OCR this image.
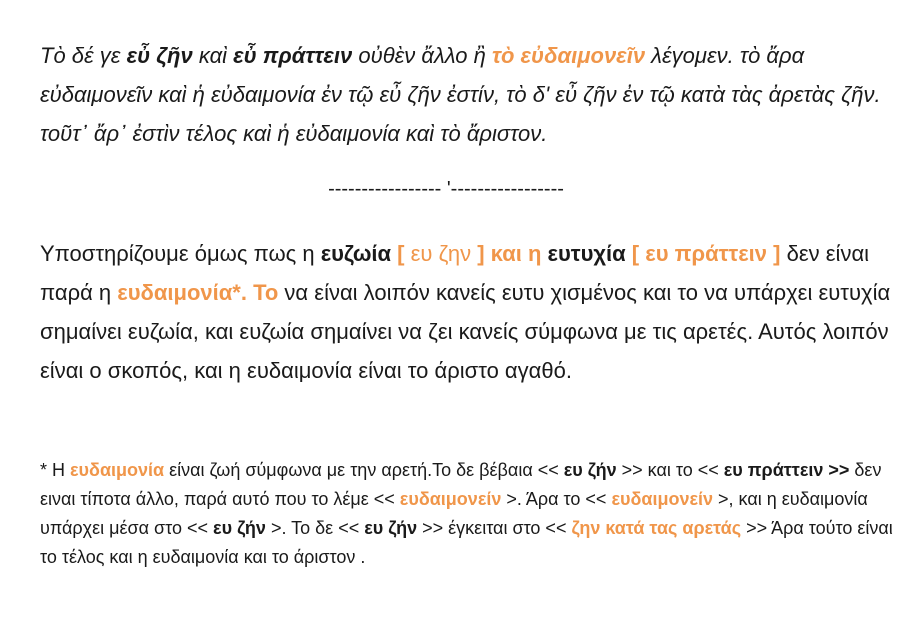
Τὸ δέ γε εὖ ζῆν καὶ εὖ πράττειν οὐθὲν ἄλλο ἢ τὸ εὐδαιμονεῖν λέγομεν. τὸ ἄρα εὐδαιμονεῖν καὶ ἡ εὐδαιμονία ἐν τῷ εὖ ζῆν ἐστίν, τὸ δ' εὖ ζῆν ἐν τῷ κατὰ τὰς ἀρετὰς ζῆν. τοῦτ᾽ ἄρ᾽ ἐστὶν τέλος καὶ ἡ εὐδαιμονία καὶ τὸ ἄριστον.

----------------- '-----------------

Υποστηρίζουμε όμως πως η ευζωία [ ευ ζην ] και η ευτυχία [ ευ πράττειν ] δεν είναι παρά η ευδαιμονία*. Το να είναι λοιπόν κανείς ευτυ χισμένος και το να υπάρχει ευτυχία σημαίνει ευζωία, και ευζωία σημαίνει να ζει κανείς σύμφωνα με τις αρετές. Αυτός λοιπόν είναι ο σκοπός, και η ευδαιμονία είναι το άριστο αγαθό.

* Η ευδαιμονία είναι ζωή σύμφωνα με την αρετή.Το δε βέβαια << ευ ζήν >> και το << ευ πράττειν >> δεν ειναι τίποτα άλλο, παρά αυτό που το λέμε << ευδαιμονείν >. Άρα το << ευδαιμονείν >, και η ευδαιμονία υπάρχει μέσα στο << ευ ζήν >. Το δε << ευ ζήν >> έγκειται στο << ζην κατά τας αρετάς >> Άρα τούτο είναι το τέλος και η ευδαιμονία και το άριστον .
